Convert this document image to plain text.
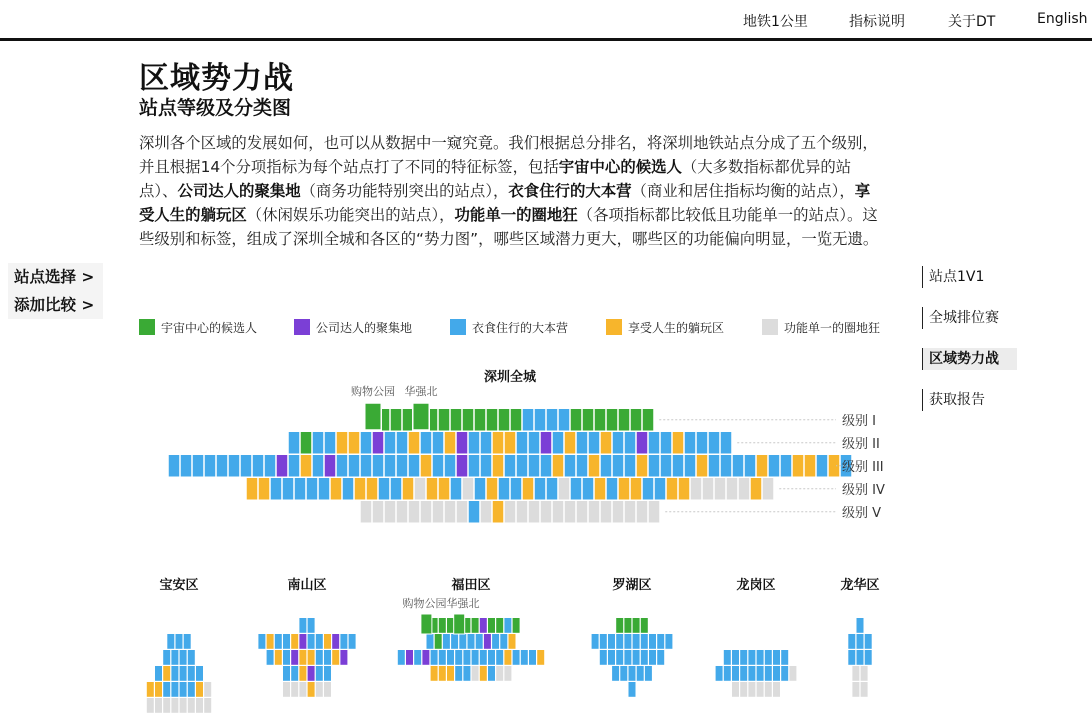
地铁1公里	指标说明	关于DT	English
区域势力战
站点等级及分类图
深圳各个区域的发展如何，也可以从数据中一窥究竟。我们根据总分排名，将深圳地铁站点分成了五个级别，并且根据14个分项指标为每个站点打了不同的特征标签，包括宇宙中心的候选人（大多数指标都优异的站点）、公司达人的聚集地（商务功能特别突出的站点），衣食住行的大本营（商业和居住指标均衡的站点），享受人生的躺玩区（休闲娱乐功能突出的站点），功能单一的圈地狂（各项指标都比较低且功能单一的站点）。这些级别和标签，组成了深圳全城和各区的“势力图”，哪些区域潜力更大，哪些区的功能偏向明显，一览无遗。
站点选择 >
添加比较 >
站点1V1
全城排位赛
区域势力战
获取报告
宇宙中心的候选人	公司达人的聚集地	衣食住行的大本营	享受人生的躺玩区	功能单一的圈地狂
深圳全城
级别 I
级别 II
级别 III
级别 IV
级别 V
购物公园 华强北
宝安区	南山区	福田区
购物公园华强北
罗湖区	龙岗区	龙华区
